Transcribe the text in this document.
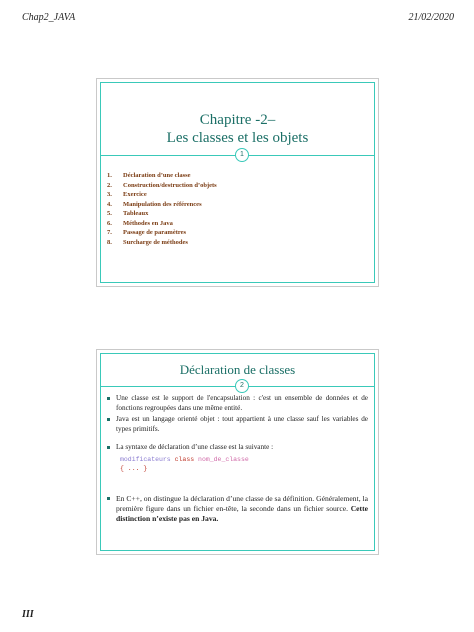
Chap2_JAVA	21/02/2020
Chapitre -2–
Les classes et les objets
1
1. Déclaration d’une classe
2. Construction/destruction d’objets
3. Exercice
4. Manipulation des références
5. Tableaux
6. Méthodes en Java
7. Passage de paramètres
8. Surcharge de méthodes
Déclaration de classes
2
Une classe est le support de l'encapsulation : c'est un ensemble de données et de fonctions regroupées dans une même entité.
Java est un langage orienté objet : tout appartient à une classe sauf les variables de types primitifs.
La syntaxe de déclaration d’une classe est la suivante :
modificateurs class nom_de_classe
{ ... }
En C++, on distingue la déclaration d’une classe de sa définition. Généralement, la première figure dans un fichier en-tête, la seconde dans un fichier source. Cette distinction n’existe pas en Java.
III
